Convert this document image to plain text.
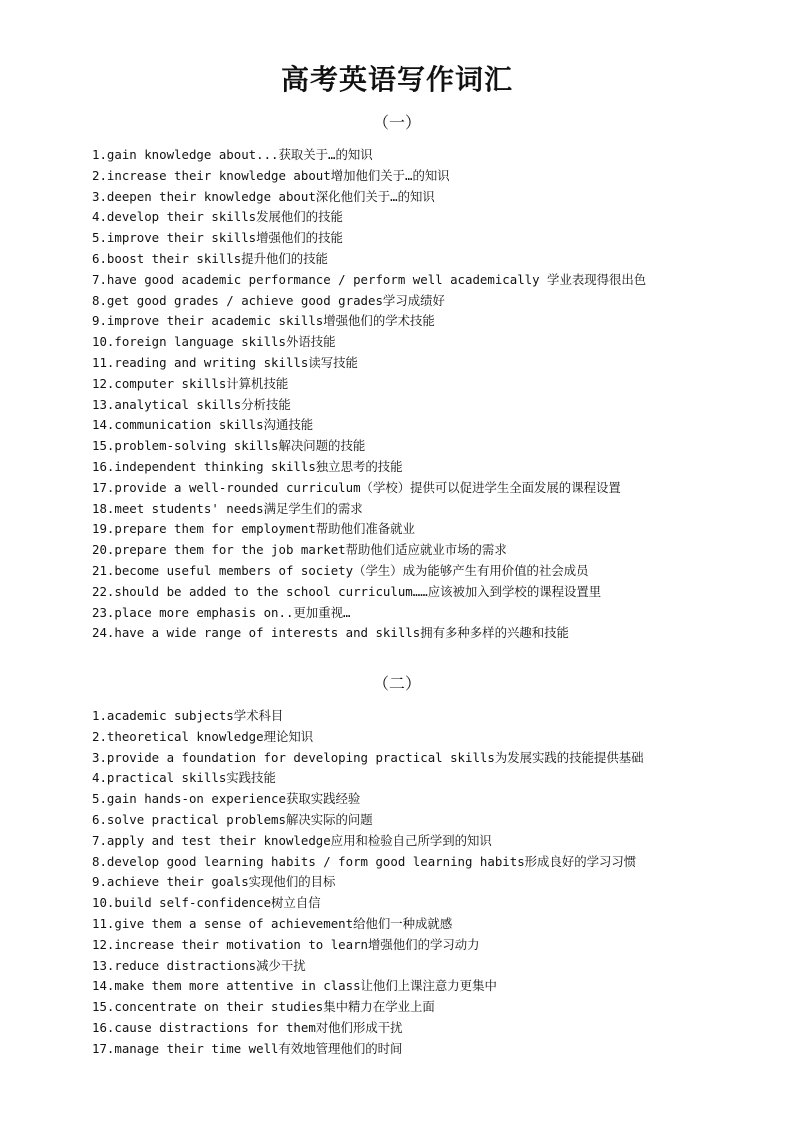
高考英语写作词汇
（一）
1.gain knowledge about...获取关于…的知识
2.increase their knowledge about增加他们关于…的知识
3.deepen their knowledge about深化他们关于…的知识
4.develop their skills发展他们的技能
5.improve their skills增强他们的技能
6.boost their skills提升他们的技能
7.have good academic performance / perform well academically 学业表现得很出色
8.get good grades / achieve good grades学习成绩好
9.improve their academic skills增强他们的学术技能
10.foreign language skills外语技能
11.reading and writing skills读写技能
12.computer skills计算机技能
13.analytical skills分析技能
14.communication skills沟通技能
15.problem-solving skills解决问题的技能
16.independent thinking skills独立思考的技能
17.provide a well-rounded curriculum（学校）提供可以促进学生全面发展的课程设置
18.meet students' needs满足学生们的需求
19.prepare them for employment帮助他们准备就业
20.prepare them for the job market帮助他们适应就业市场的需求
21.become useful members of society（学生）成为能够产生有用价值的社会成员
22.should be added to the school curriculum……应该被加入到学校的课程设置里
23.place more emphasis on..更加重视…
24.have a wide range of interests and skills拥有多种多样的兴趣和技能
（二）
1.academic subjects学术科目
2.theoretical knowledge理论知识
3.provide a foundation for developing practical skills为发展实践的技能提供基础
4.practical skills实践技能
5.gain hands-on experience获取实践经验
6.solve practical problems解决实际的问题
7.apply and test their knowledge应用和检验自己所学到的知识
8.develop good learning habits / form good learning habits形成良好的学习习惯
9.achieve their goals实现他们的目标
10.build self-confidence树立自信
11.give them a sense of achievement给他们一种成就感
12.increase their motivation to learn增强他们的学习动力
13.reduce distractions减少干扰
14.make them more attentive in class让他们上课注意力更集中
15.concentrate on their studies集中精力在学业上面
16.cause distractions for them对他们形成干扰
17.manage their time well有效地管理他们的时间
